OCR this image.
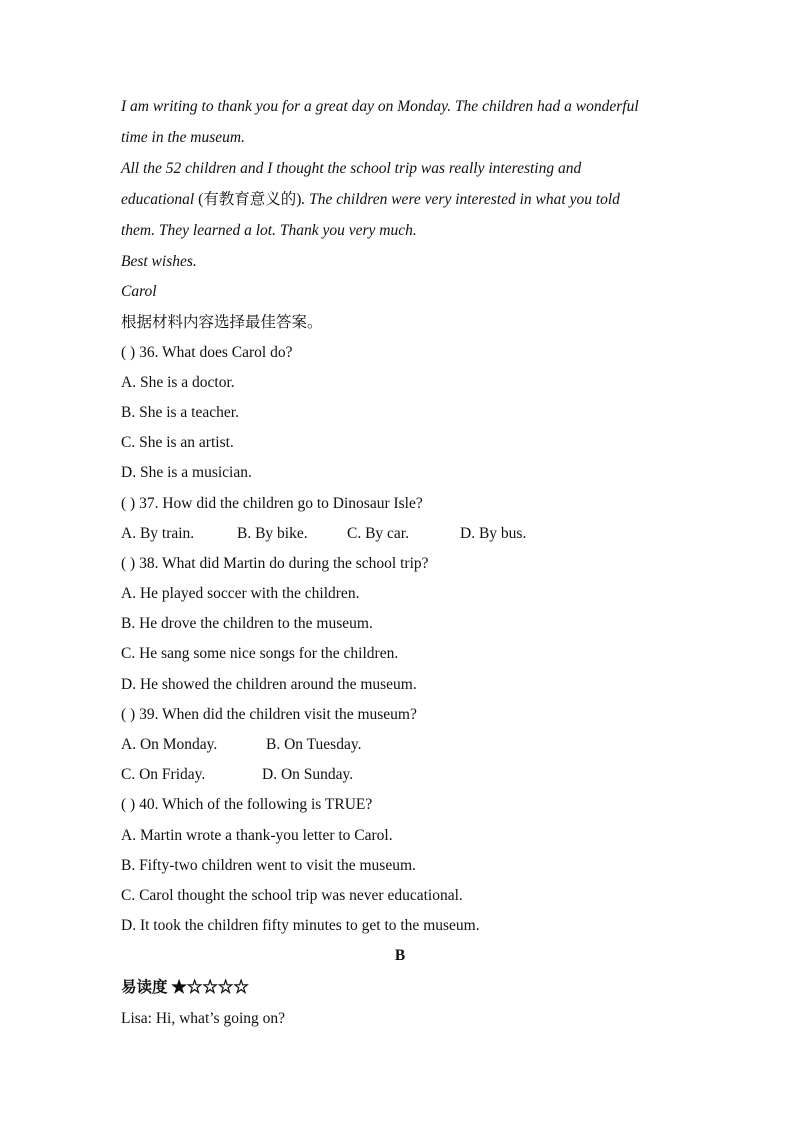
I am writing to thank you for a great day on Monday. The children had a wonderful
time in the museum.
All the 52 children and I thought the school trip was really interesting and
educational (有教育意义的). The children were very interested in what you told
them. They learned a lot. Thank you very much.
Best wishes.
Carol
根据材料内容选择最佳答案。
( ) 36. What does Carol do?
A. She is a doctor.
B. She is a teacher.
C. She is an artist.
D. She is a musician.
( ) 37. How did the children go to Dinosaur Isle?
A. By train.	B. By bike.	C. By car.	D. By bus.
( ) 38. What did Martin do during the school trip?
A. He played soccer with the children.
B. He drove the children to the museum.
C. He sang some nice songs for the children.
D. He showed the children around the museum.
( ) 39. When did the children visit the museum?
A. On Monday.	B. On Tuesday.
C. On Friday.	D. On Sunday.
( ) 40. Which of the following is TRUE?
A. Martin wrote a thank-you letter to Carol.
B. Fifty-two children went to visit the museum.
C. Carol thought the school trip was never educational.
D. It took the children fifty minutes to get to the museum.
B
易读度 ★☆☆☆☆
Lisa: Hi, what’s going on?
